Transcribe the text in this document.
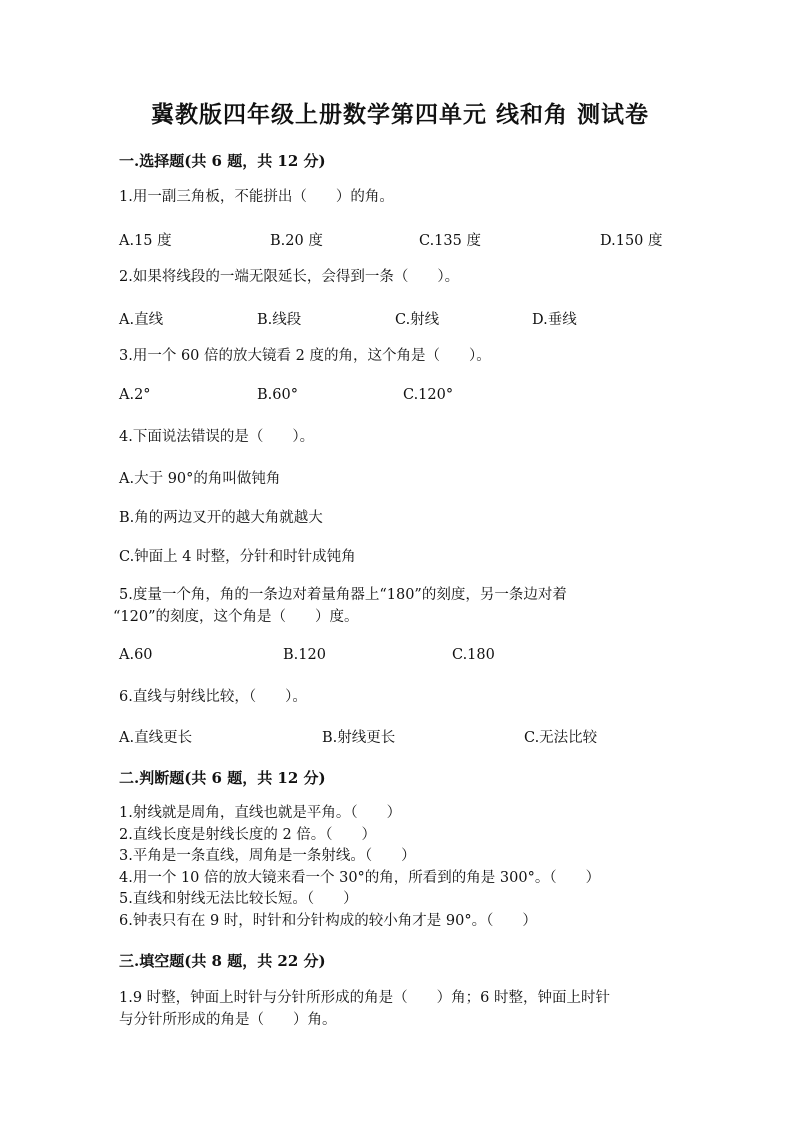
冀教版四年级上册数学第四单元 线和角 测试卷
一.选择题(共 6 题，共 12 分)
1.用一副三角板，不能拼出（　　）的角。
A.15 度	B.20 度	C.135 度	D.150 度
2.如果将线段的一端无限延长，会得到一条（　　）。
A.直线	B.线段	C.射线	D.垂线
3.用一个 60 倍的放大镜看 2 度的角，这个角是（　　）。
A.2°	B.60°	C.120°
4.下面说法错误的是（　　）。
A.大于 90°的角叫做钝角
B.角的两边叉开的越大角就越大
C.钟面上 4 时整，分针和时针成钝角
5.度量一个角，角的一条边对着量角器上“180”的刻度，另一条边对着
“120”的刻度，这个角是（　　）度。
A.60	B.120	C.180
6.直线与射线比较，（　　）。
A.直线更长	B.射线更长	C.无法比较
二.判断题(共 6 题，共 12 分)
1.射线就是周角，直线也就是平角。（　　）
2.直线长度是射线长度的 2 倍。（　　）
3.平角是一条直线，周角是一条射线。（　　）
4.用一个 10 倍的放大镜来看一个 30°的角，所看到的角是 300°。（　　）
5.直线和射线无法比较长短。（　　）
6.钟表只有在 9 时，时针和分针构成的较小角才是 90°。（　　）
三.填空题(共 8 题，共 22 分)
1.9 时整，钟面上时针与分针所形成的角是（　　）角；6 时整，钟面上时针
与分针所形成的角是（　　）角。
